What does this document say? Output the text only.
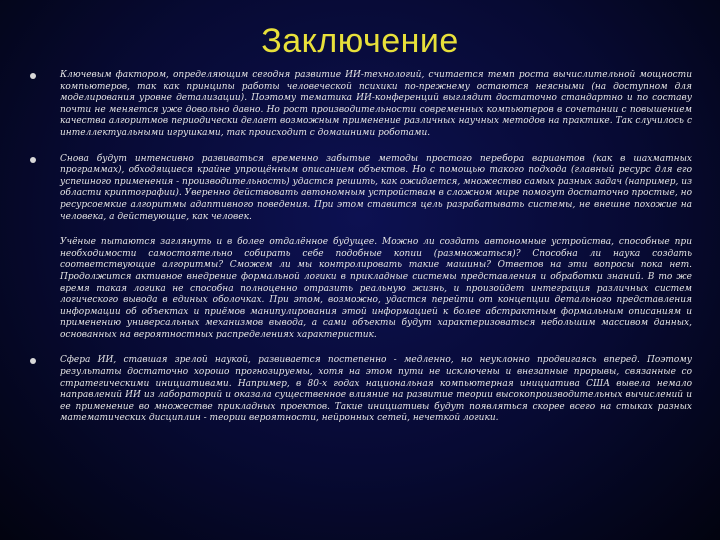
Заключение

Ключевым фактором, определяющим сегодня развитие ИИ-технологий, считается темп роста вычислительной мощности компьютеров, так как принципы работы человеческой психики по-прежнему остаются неясными (на доступном для моделирования уровне детализации). Поэтому тематика ИИ-конференций выглядит достаточно стандартно и по составу почти не меняется уже довольно давно. Но рост производительности современных компьютеров в сочетании с повышением качества алгоритмов периодически делает возможным применение различных научных методов на практике. Так случилось с интеллектуальными игрушками, так происходит с домашними роботами.

Снова будут интенсивно развиваться временно забытые методы простого перебора вариантов (как в шахматных программах), обходящиеся крайне упрощённым описанием объектов. Но с помощью такого подхода (главный ресурс для его успешного применения - производительность) удастся решить, как ожидается, множество самых разных задач (например, из области криптографии). Уверенно действовать автономным устройствам в сложном мире помогут достаточно простые, но ресурсоемкие алгоритмы адаптивного поведения. При этом ставится цель разрабатывать системы, не внешне похожие на человека, а действующие, как человек.

Учёные пытаются заглянуть и в более отдалённое будущее. Можно ли создать автономные устройства, способные при необходимости самостоятельно собирать себе подобные копии (размножаться)? Способна ли наука создать соответствующие алгоритмы? Сможем ли мы контролировать такие машины? Ответов на эти вопросы пока нет. Продолжится активное внедрение формальной логики в прикладные системы представления и обработки знаний. В то же время такая логика не способна полноценно отразить реальную жизнь, и произойдет интеграция различных систем логического вывода в единых оболочках. При этом, возможно, удастся перейти от концепции детального представления информации об объектах и приёмов манипулирования этой информацией к более абстрактным формальным описаниям и применению универсальных механизмов вывода, а сами объекты будут характеризоваться небольшим массивом данных, основанных на вероятностных распределениях характеристик.

Сфера ИИ, ставшая зрелой наукой, развивается постепенно - медленно, но неуклонно продвигаясь вперед. Поэтому результаты достаточно хорошо прогнозируемы, хотя на этом пути не исключены и внезапные прорывы, связанные со стратегическими инициативами. Например, в 80-х годах национальная компьютерная инициатива США вывела немало направлений ИИ из лабораторий и оказала существенное влияние на развитие теории высокопроизводительных вычислений и ее применение во множестве прикладных проектов. Такие инициативы будут появляться скорее всего на стыках разных математических дисциплин - теории вероятности, нейронных сетей, нечеткой логики.
